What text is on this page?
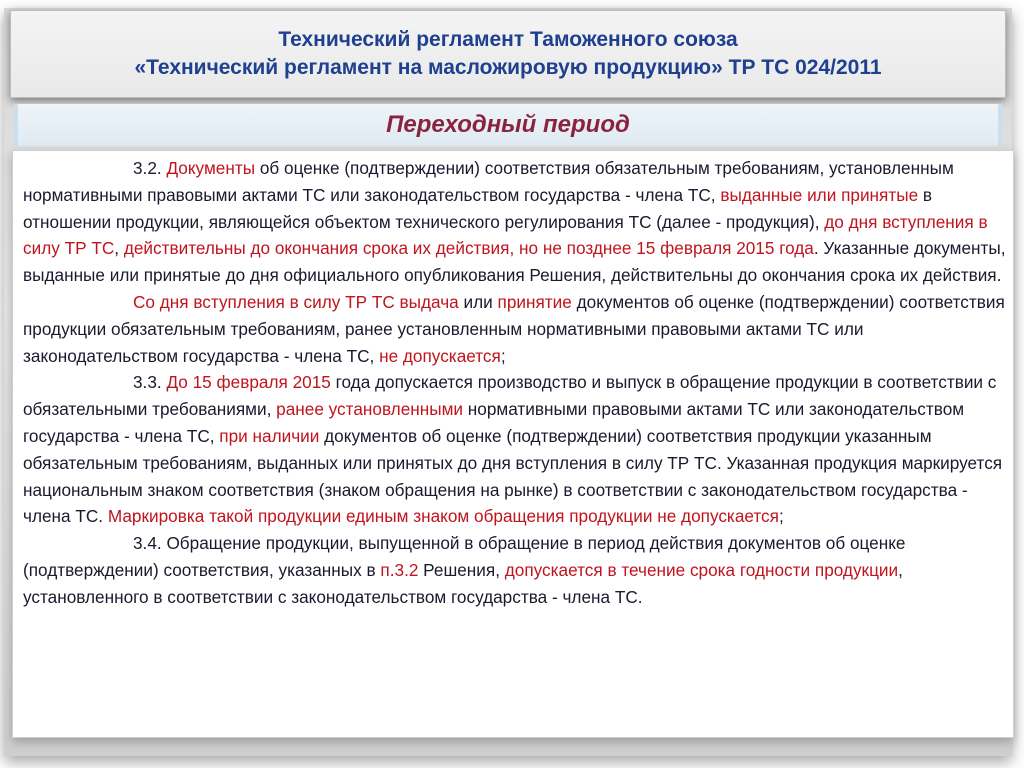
Технический регламент Таможенного союза
«Технический регламент на масложировую продукцию» ТР ТС 024/2011
Переходный период

3.2. Документы об оценке (подтверждении) соответствия обязательным требованиям, установленным нормативными правовыми актами ТС или законодательством государства - члена ТС, выданные или принятые в отношении продукции, являющейся объектом технического регулирования ТС (далее - продукция), до дня вступления в силу ТР ТС, действительны до окончания срока их действия, но не позднее 15 февраля 2015 года. Указанные документы, выданные или принятые до дня официального опубликования Решения, действительны до окончания срока их действия.

Со дня вступления в силу ТР ТС выдача или принятие документов об оценке (подтверждении) соответствия продукции обязательным требованиям, ранее установленным нормативными правовыми актами ТС или законодательством государства - члена ТС, не допускается;

3.3. До 15 февраля 2015 года допускается производство и выпуск в обращение продукции в соответствии с обязательными требованиями, ранее установленными нормативными правовыми актами ТС или законодательством государства - члена ТС, при наличии документов об оценке (подтверждении) соответствия продукции указанным обязательным требованиям, выданных или принятых до дня вступления в силу ТР ТС. Указанная продукция маркируется национальным знаком соответствия (знаком обращения на рынке) в соответствии с законодательством государства - члена ТС. Маркировка такой продукции единым знаком обращения продукции не допускается;

3.4. Обращение продукции, выпущенной в обращение в период действия документов об оценке (подтверждении) соответствия, указанных в п.3.2 Решения, допускается в течение срока годности продукции, установленного в соответствии с законодательством государства - члена ТС.
